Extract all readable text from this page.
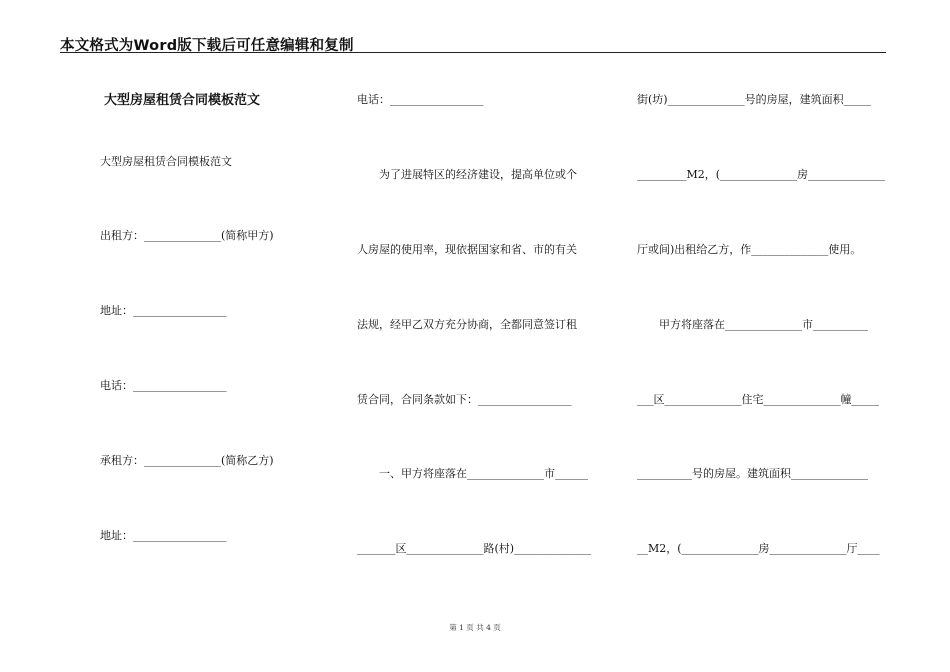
本文格式为Word版下载后可任意编辑和复制
大型房屋租赁合同模板范文
大型房屋租赁合同模板范文
出租方：______________(简称甲方)
地址：_________________
电话：_________________
承租方：______________(简称乙方)
地址：_________________
电话：_________________
　　为了进展特区的经济建设，提高单位或个
人房屋的使用率，现依据国家和省、市的有关
法规，经甲乙双方充分协商，全都同意签订租
赁合同，合同条款如下：_________________
　　一、甲方将座落在______________市______
_______区______________路(村)______________
街(坊)______________号的房屋，建筑面积_____
_________M2，(______________房______________
厅或间)出租给乙方，作______________使用。
　　甲方将座落在______________市__________
___区______________住宅______________幢_____
__________号的房屋。建筑面积______________
__M2，(______________房______________厅____
第 1 页 共 4 页
